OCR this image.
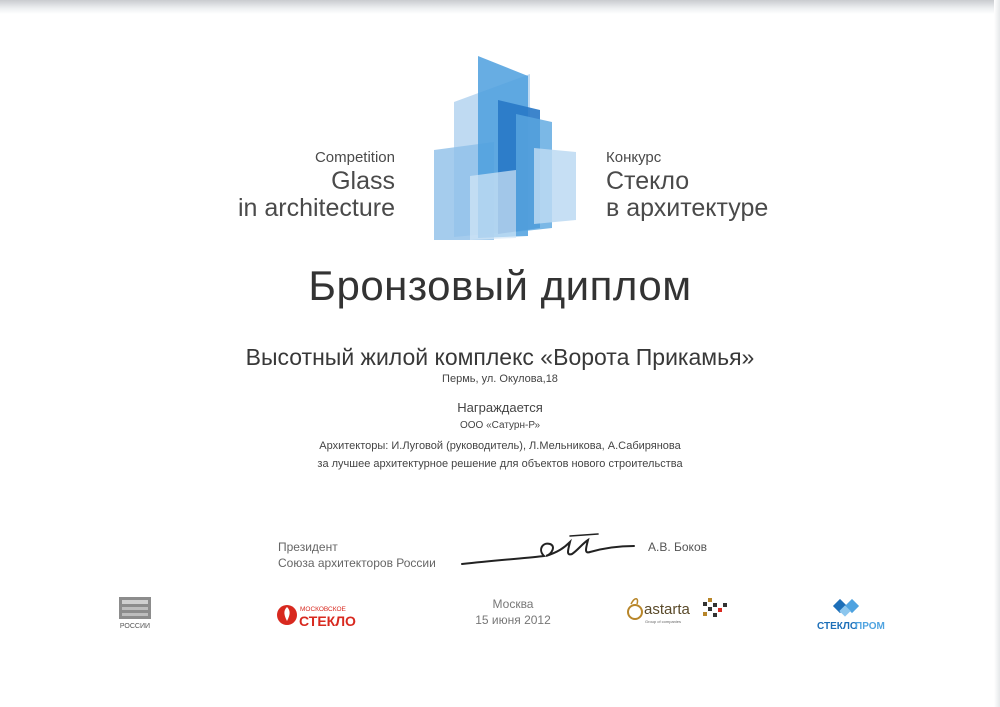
Competition
Glass
in architecture
Конкурс
Стекло
в архитектуре
Бронзовый диплом
Высотный жилой комплекс «Ворота Прикамья»
Пермь, ул. Окулова,18
Награждается
ООО «Сатурн-Р»
Архитекторы: И.Луговой (руководитель), Л.Мельникова, А.Сабирянова
за лучшее архитектурное решение для объектов нового строительства
Президент
Союза архитекторов России
А.В. Боков
РОССИИ
МОСКОВСКОЕ
СТЕКЛО
Москва
15 июня 2012
astarta
Group of companies	СТЕКЛО
ПРОМ
